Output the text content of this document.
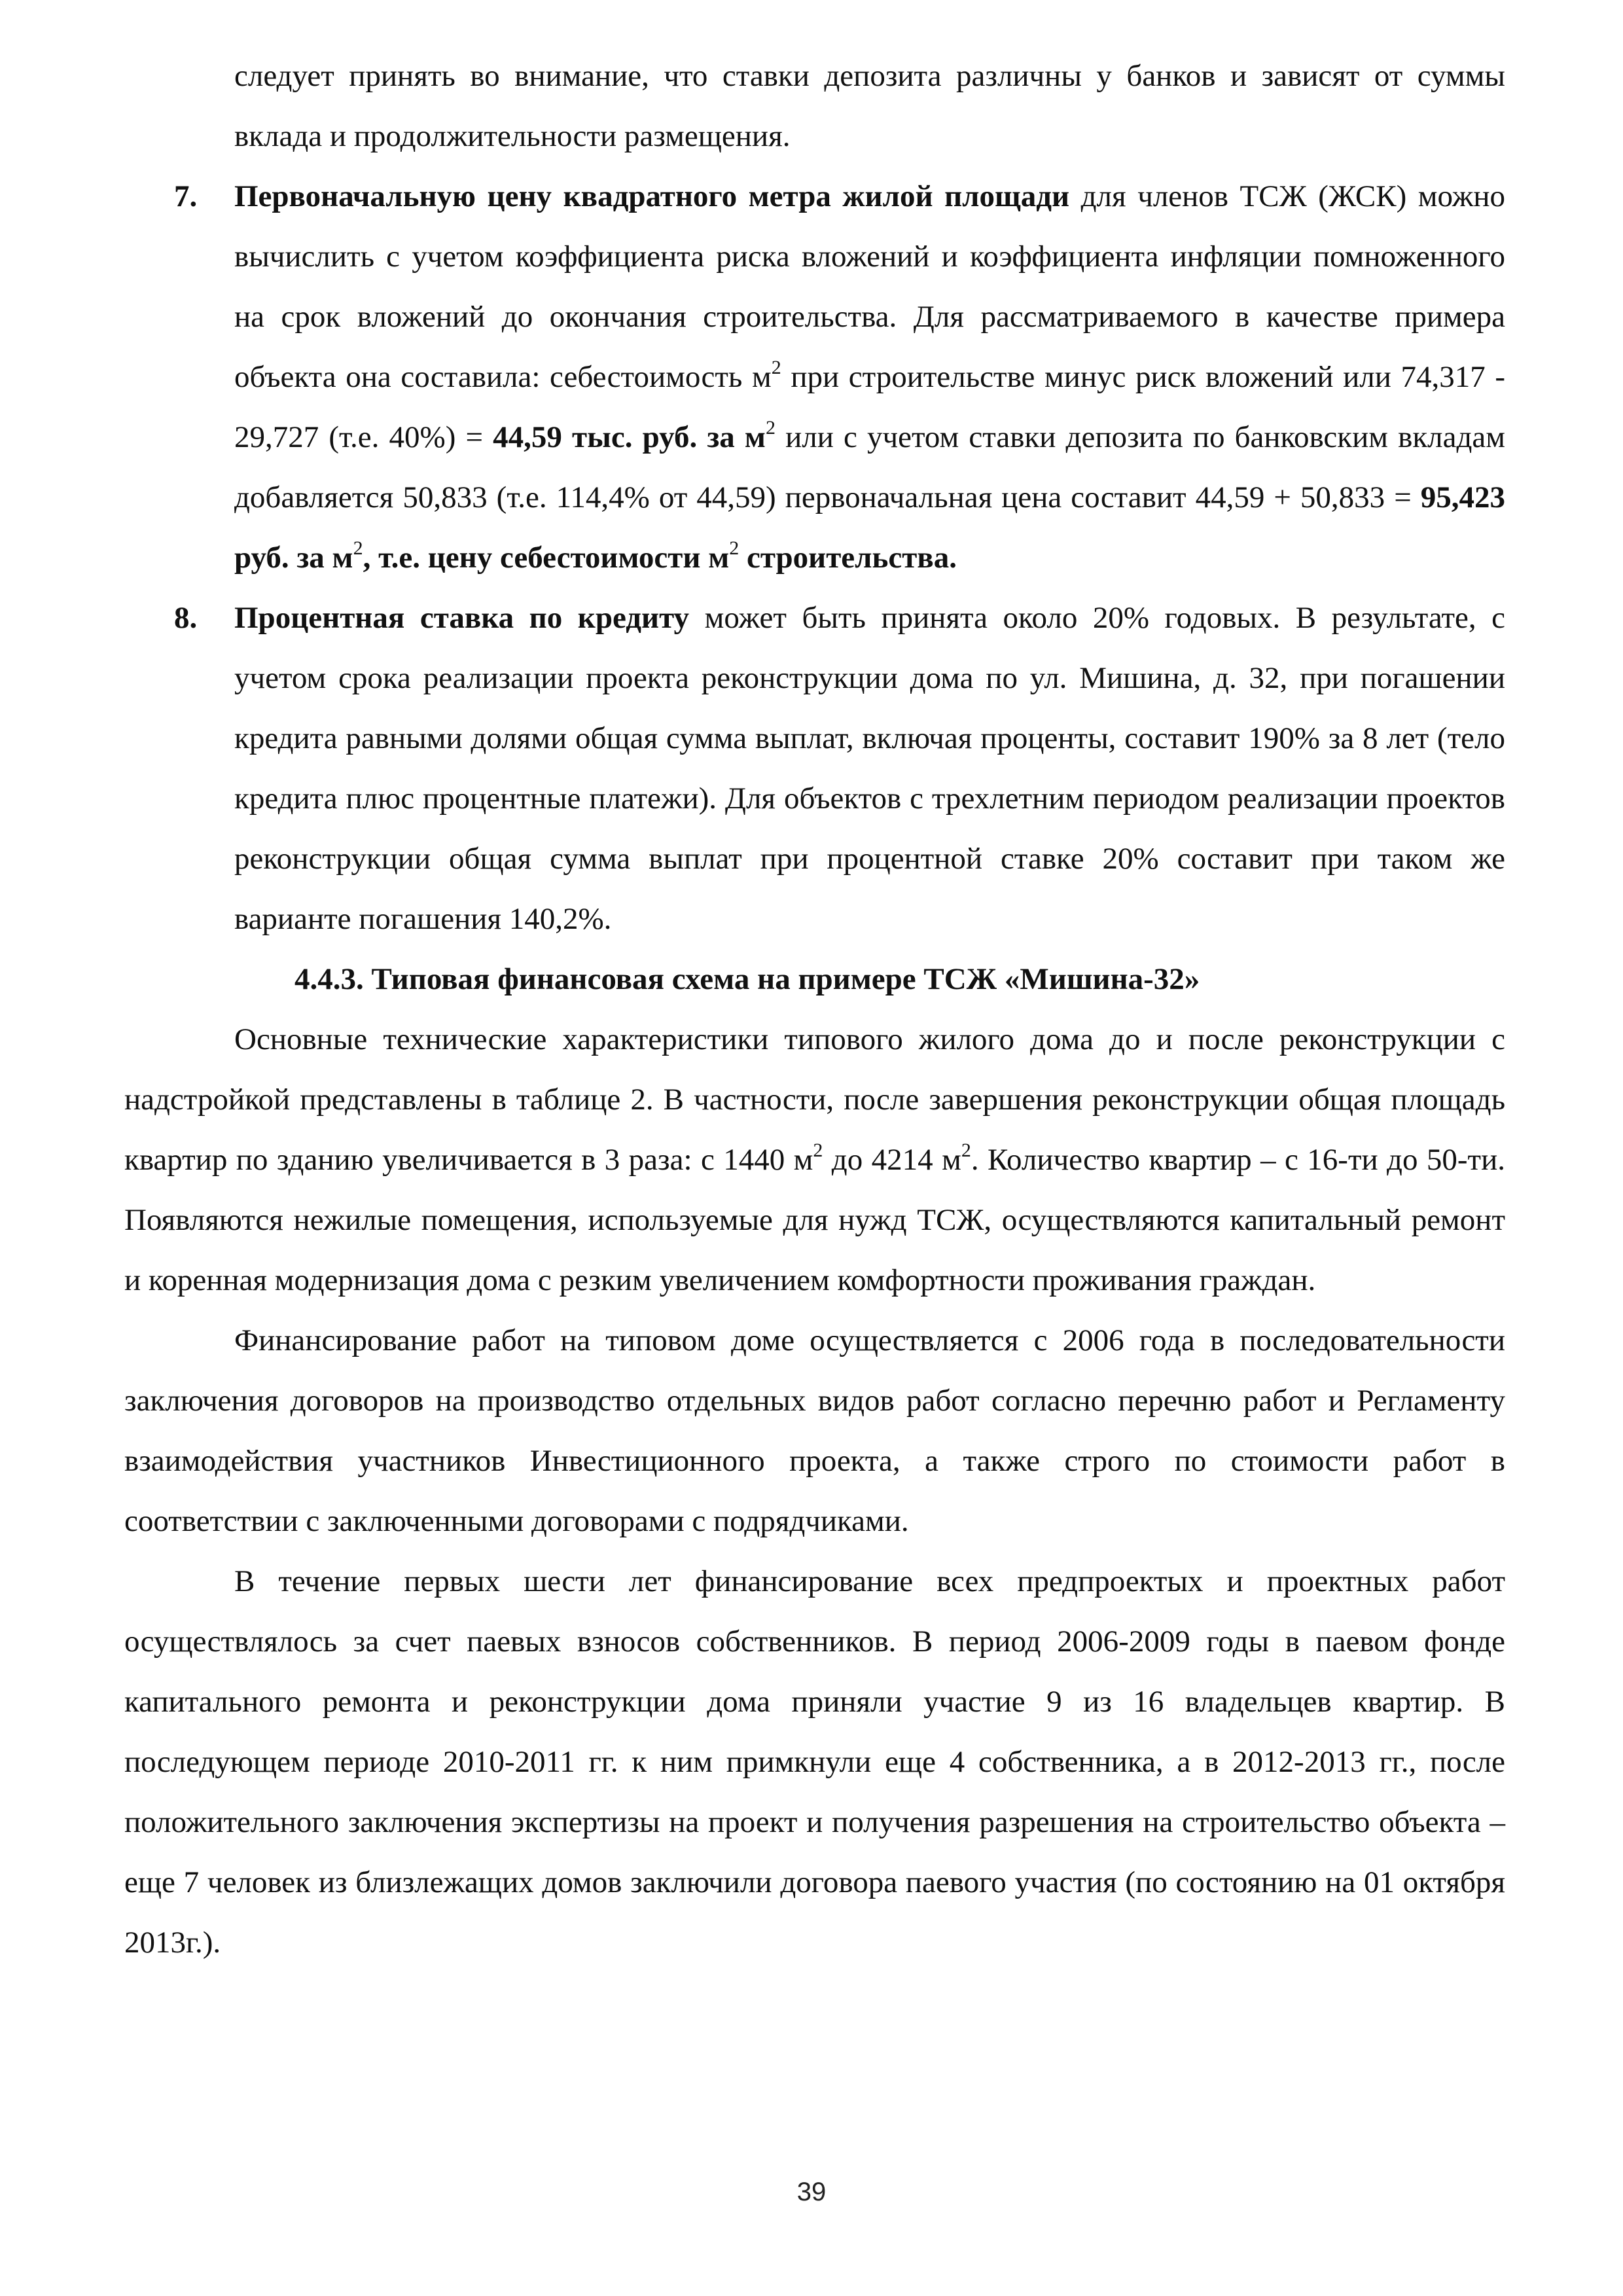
следует принять во внимание, что ставки депозита различны у банков и зависят от суммы вклада и продолжительности размещения.

7. Первоначальную цену квадратного метра жилой площади для членов ТСЖ (ЖСК) можно вычислить с учетом коэффициента риска вложений и коэффициента инфляции помноженного на срок вложений до окончания строительства. Для рассматриваемого в качестве примера объекта она составила: себестоимость $м^2$ при строительстве минус риск вложений или 74,317 - 29,727 (т.е. 40%) = 44,59 тыс. руб. за $м^2$ или с учетом ставки депозита по банковским вкладам добавляется 50,833 (т.е. 114,4% от 44,59) первоначальная цена составит 44,59 + 50,833 = 95,423 руб. за $м^2$, т.е. цену себестоимости $м^2$ строительства.

8. Процентная ставка по кредиту может быть принята около 20% годовых. В результате, с учетом срока реализации проекта реконструкции дома по ул. Мишина, д. 32, при погашении кредита равными долями общая сумма выплат, включая проценты, составит 190% за 8 лет (тело кредита плюс процентные платежи). Для объектов с трехлетним периодом реализации проектов реконструкции общая сумма выплат при процентной ставке 20% составит при таком же варианте погашения 140,2%.

4.4.3. Типовая финансовая схема на примере ТСЖ «Мишина-32»

Основные технические характеристики типового жилого дома до и после реконструкции с надстройкой представлены в таблице 2. В частности, после завершения реконструкции общая площадь квартир по зданию увеличивается в 3 раза: с 1440 $м^2$ до 4214 $м^2$. Количество квартир – с 16-ти до 50-ти. Появляются нежилые помещения, используемые для нужд ТСЖ, осуществляются капитальный ремонт и коренная модернизация дома с резким увеличением комфортности проживания граждан.

Финансирование работ на типовом доме осуществляется с 2006 года в последовательности заключения договоров на производство отдельных видов работ согласно перечню работ и Регламенту взаимодействия участников Инвестиционного проекта, а также строго по стоимости работ в соответствии с заключенными договорами с подрядчиками.

В течение первых шести лет финансирование всех предпроектых и проектных работ осуществлялось за счет паевых взносов собственников. В период 2006-2009 годы в паевом фонде капитального ремонта и реконструкции дома приняли участие 9 из 16 владельцев квартир. В последующем периоде 2010-2011 гг. к ним примкнули еще 4 собственника, а в 2012-2013 гг., после положительного заключения экспертизы на проект и получения разрешения на строительство объекта – еще 7 человек из близлежащих домов заключили договора паевого участия (по состоянию на 01 октября 2013г.).

39
